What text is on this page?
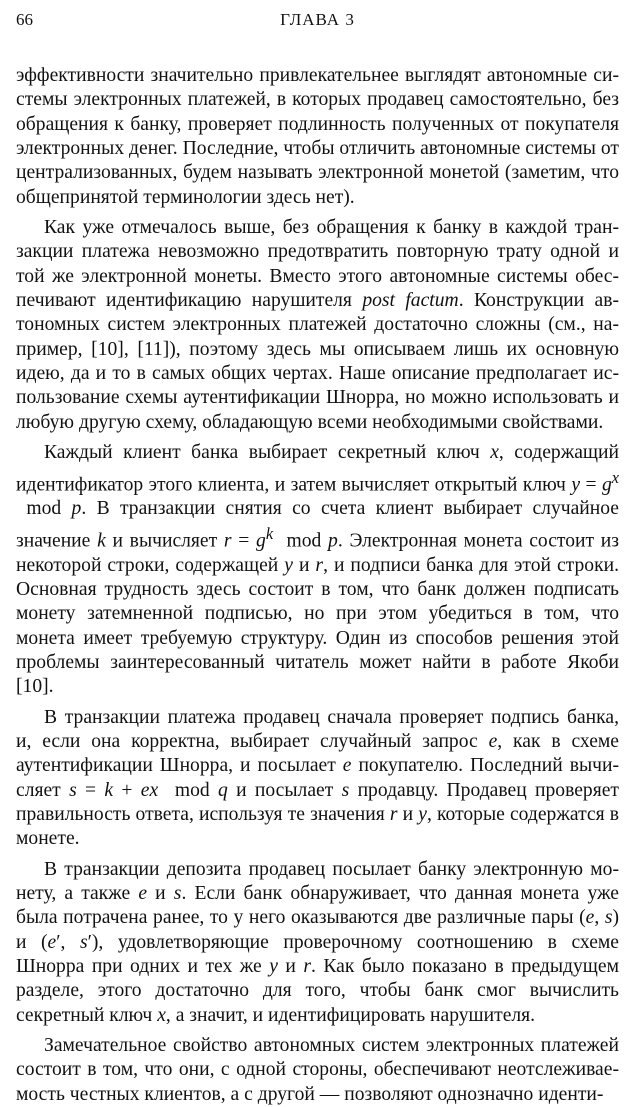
66	ГЛАВА 3

эффективности значительно привлекательнее выглядят автономные системы электронных платежей, в которых продавец самостоятельно, без обращения к банку, проверяет подлинность полученных от покупателя электронных денег. Последние, чтобы отличить автономные системы от централизованных, будем называть электронной монетой (заметим, что общепринятой терминологии здесь нет).

Как уже отмечалось выше, без обращения к банку в каждой транзакции платежа невозможно предотвратить повторную трату одной и той же электронной монеты. Вместо этого автономные системы обеспечивают идентификацию нарушителя post factum. Конструкции автономных систем электронных платежей достаточно сложны (см., например, [10], [11]), поэтому здесь мы описываем лишь их основную идею, да и то в самых общих чертах. Наше описание предполагает использование схемы аутентификации Шнорра, но можно использовать и любую другую схему, обладающую всеми необходимыми свойствами.

Каждый клиент банка выбирает секретный ключ x, содержащий идентификатор этого клиента, и затем вычисляет открытый ключ $y = g^x$  mod p. В транзакции снятия со счета клиент выбирает случайное значение k и вычисляет $r = g^k$  mod p. Электронная монета состоит из некоторой строки, содержащей y и r, и подписи банка для этой строки. Основная трудность здесь состоит в том, что банк должен подписать монету затемненной подписью, но при этом убедиться в том, что монета имеет требуемую структуру. Один из способов решения этой проблемы заинтересованный читатель может найти в работе Якоби [10].

В транзакции платежа продавец сначала проверяет подпись банка, и, если она корректна, выбирает случайный запрос e, как в схеме аутентификации Шнорра, и посылает e покупателю. Последний вычисляет s = k + ex  mod q и посылает s продавцу. Продавец проверяет правильность ответа, используя те значения r и y, которые содержатся в монете.

В транзакции депозита продавец посылает банку электронную монету, а также e и s. Если банк обнаруживает, что данная монета уже была потрачена ранее, то у него оказываются две различные пары (e, s) и (e′, s′), удовлетворяющие проверочному соотношению в схеме Шнорра при одних и тех же y и r. Как было показано в предыдущем разделе, этого достаточно для того, чтобы банк смог вычислить секретный ключ x, а значит, и идентифицировать нарушителя.

Замечательное свойство автономных систем электронных платежей состоит в том, что они, с одной стороны, обеспечивают неотслеживаемость честных клиентов, а с другой — позволяют однозначно иденти-
